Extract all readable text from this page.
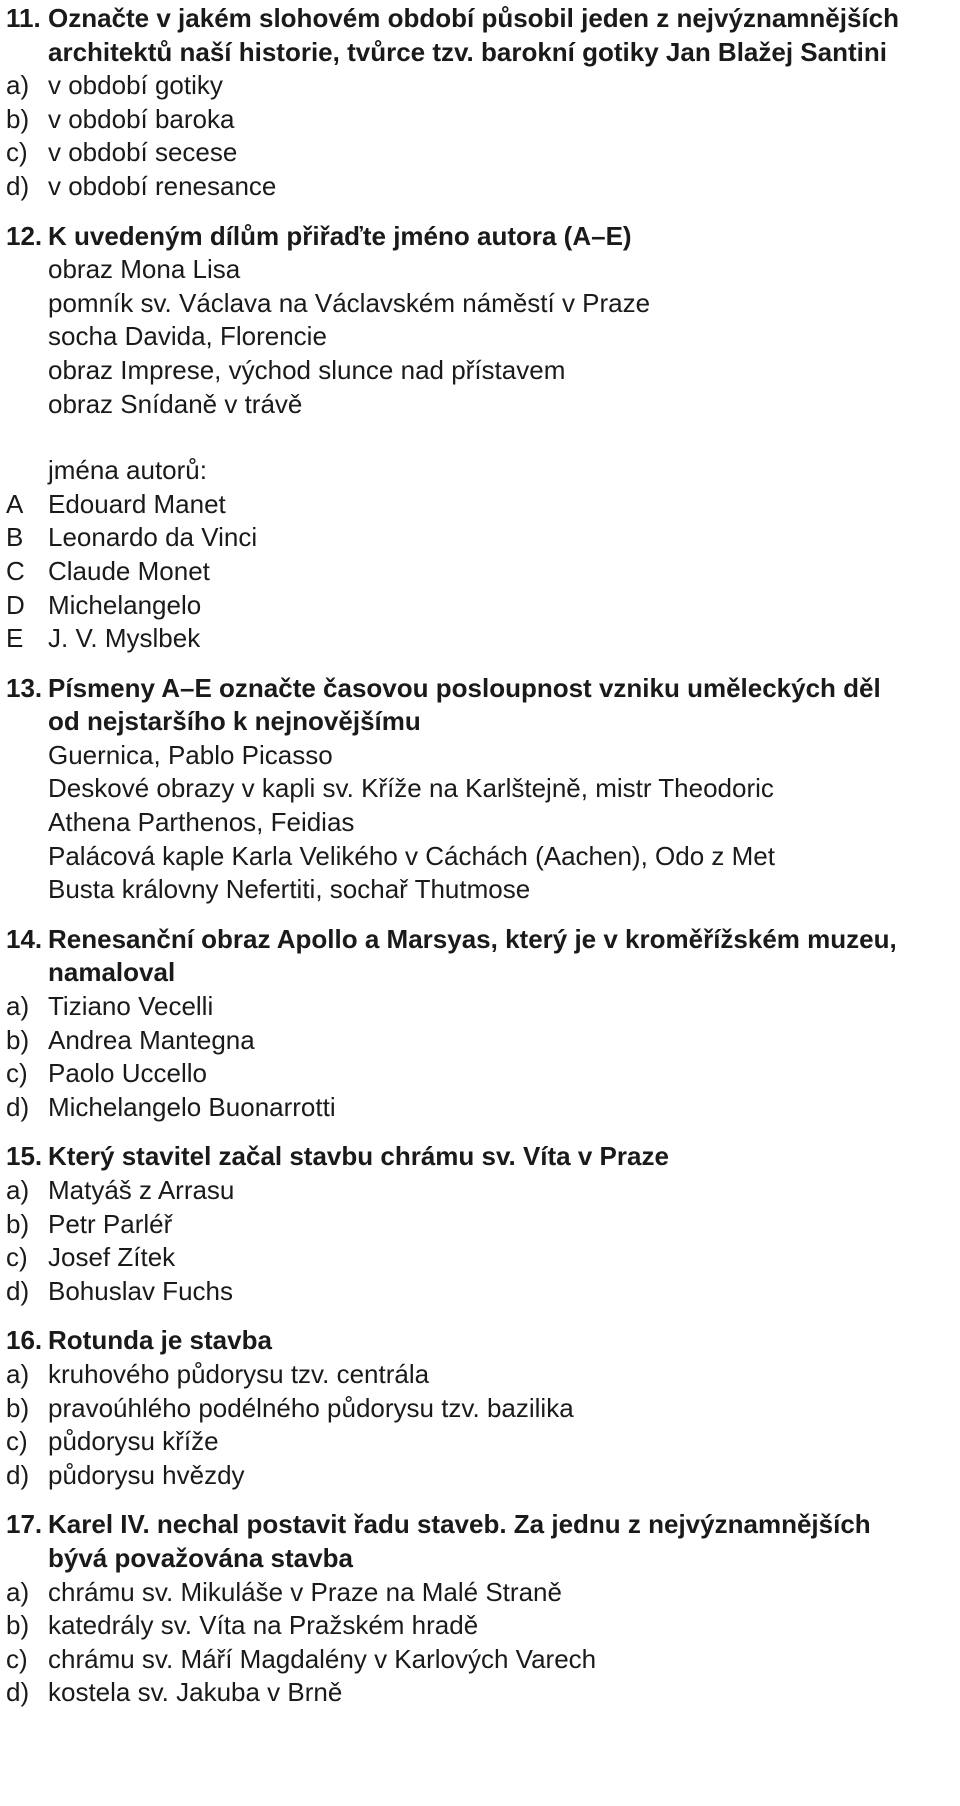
11. Označte v jakém slohovém období působil jeden z nejvýznamnějších
architektů naší historie, tvůrce tzv. barokní gotiky Jan Blažej Santini
a) v období gotiky
b) v období baroka
c) v období secese
d) v období renesance
12. K uvedeným dílům přiřaďte jméno autora (A–E)
obraz Mona Lisa
pomník sv. Václava na Václavském náměstí v Praze
socha Davida, Florencie
obraz Imprese, východ slunce nad přístavem
obraz Snídaně v trávě
jména autorů:
A Edouard Manet
B Leonardo da Vinci
C Claude Monet
D Michelangelo
E J. V. Myslbek
13. Písmeny A–E označte časovou posloupnost vzniku uměleckých děl
od nejstaršího k nejnovějšímu
Guernica, Pablo Picasso
Deskové obrazy v kapli sv. Kříže na Karlštejně, mistr Theodoric
Athena Parthenos, Feidias
Palácová kaple Karla Velikého v Cáchách (Aachen), Odo z Met
Busta královny Nefertiti, sochař Thutmose
14. Renesanční obraz Apollo a Marsyas, který je v kroměřížském muzeu,
namaloval
a) Tiziano Vecelli
b) Andrea Mantegna
c) Paolo Uccello
d) Michelangelo Buonarrotti
15. Který stavitel začal stavbu chrámu sv. Víta v Praze
a) Matyáš z Arrasu
b) Petr Parléř
c) Josef Zítek
d) Bohuslav Fuchs
16. Rotunda je stavba
a) kruhového půdorysu tzv. centrála
b) pravoúhlého podélného půdorysu tzv. bazilika
c) půdorysu kříže
d) půdorysu hvězdy
17. Karel IV. nechal postavit řadu staveb. Za jednu z nejvýznamnějších
bývá považována stavba
a) chrámu sv. Mikuláše v Praze na Malé Straně
b) katedrály sv. Víta na Pražském hradě
c) chrámu sv. Máří Magdalény v Karlových Varech
d) kostela sv. Jakuba v Brně
